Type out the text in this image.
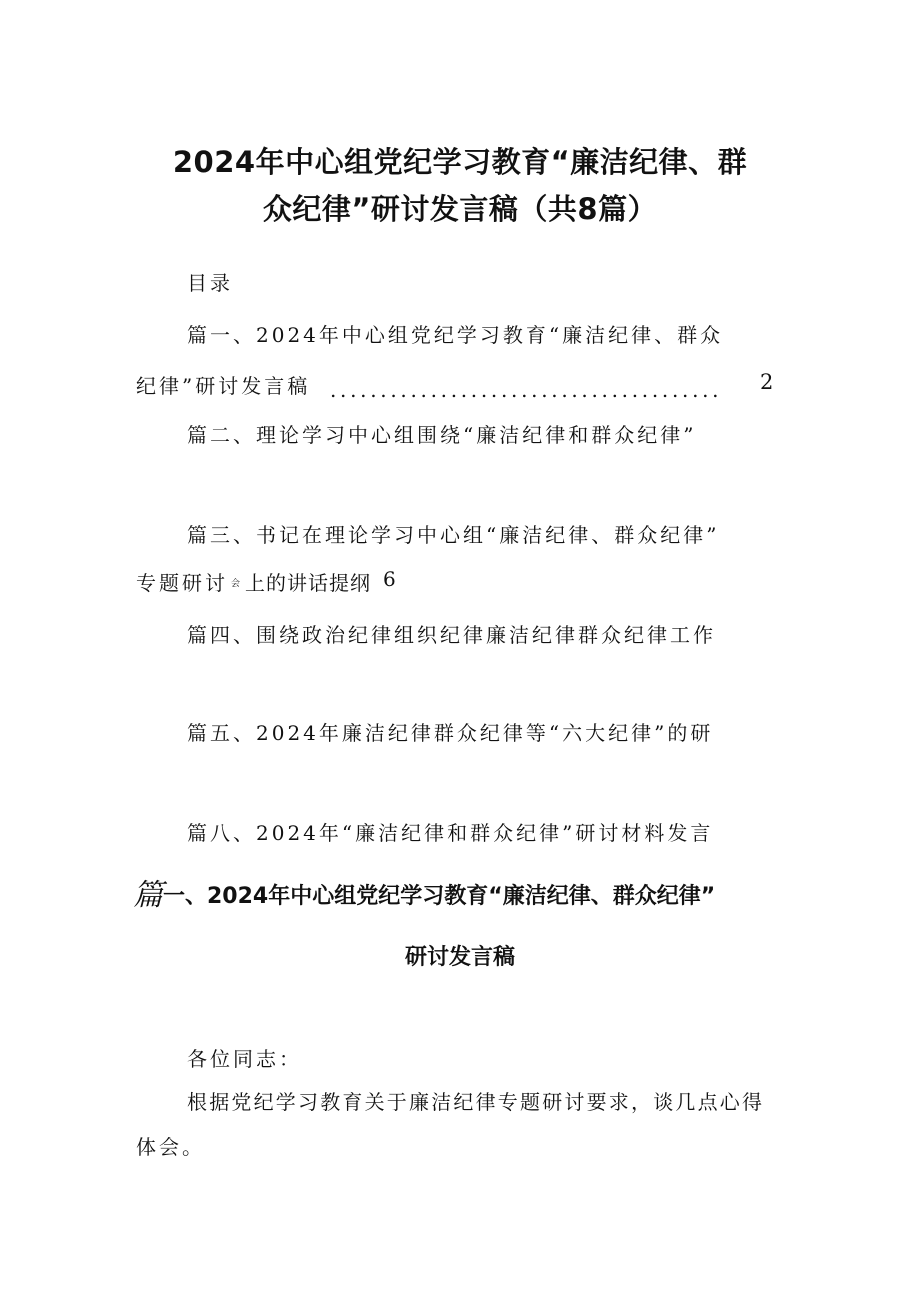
2024年中心组党纪学习教育“廉洁纪律、群
众纪律”研讨发言稿（共8篇）
目录
篇一、2024年中心组党纪学习教育“廉洁纪律、群众
纪律”研讨发言稿 .......................................	2
篇二、理论学习中心组围绕“廉洁纪律和群众纪律”
篇三、书记在理论学习中心组“廉洁纪律、群众纪律”
专题研讨 会 上的讲话提纲 6
篇四、围绕政治纪律组织纪律廉洁纪律群众纪律工作
篇五、2024年廉洁纪律群众纪律等“六大纪律”的研
篇八、2024年“廉洁纪律和群众纪律”研讨材料发言
篇一、2024年中心组党纪学习教育“廉洁纪律、群众纪律”
研讨发言稿
各位同志：
根据党纪学习教育关于廉洁纪律专题研讨要求，谈几点心得
体会。
